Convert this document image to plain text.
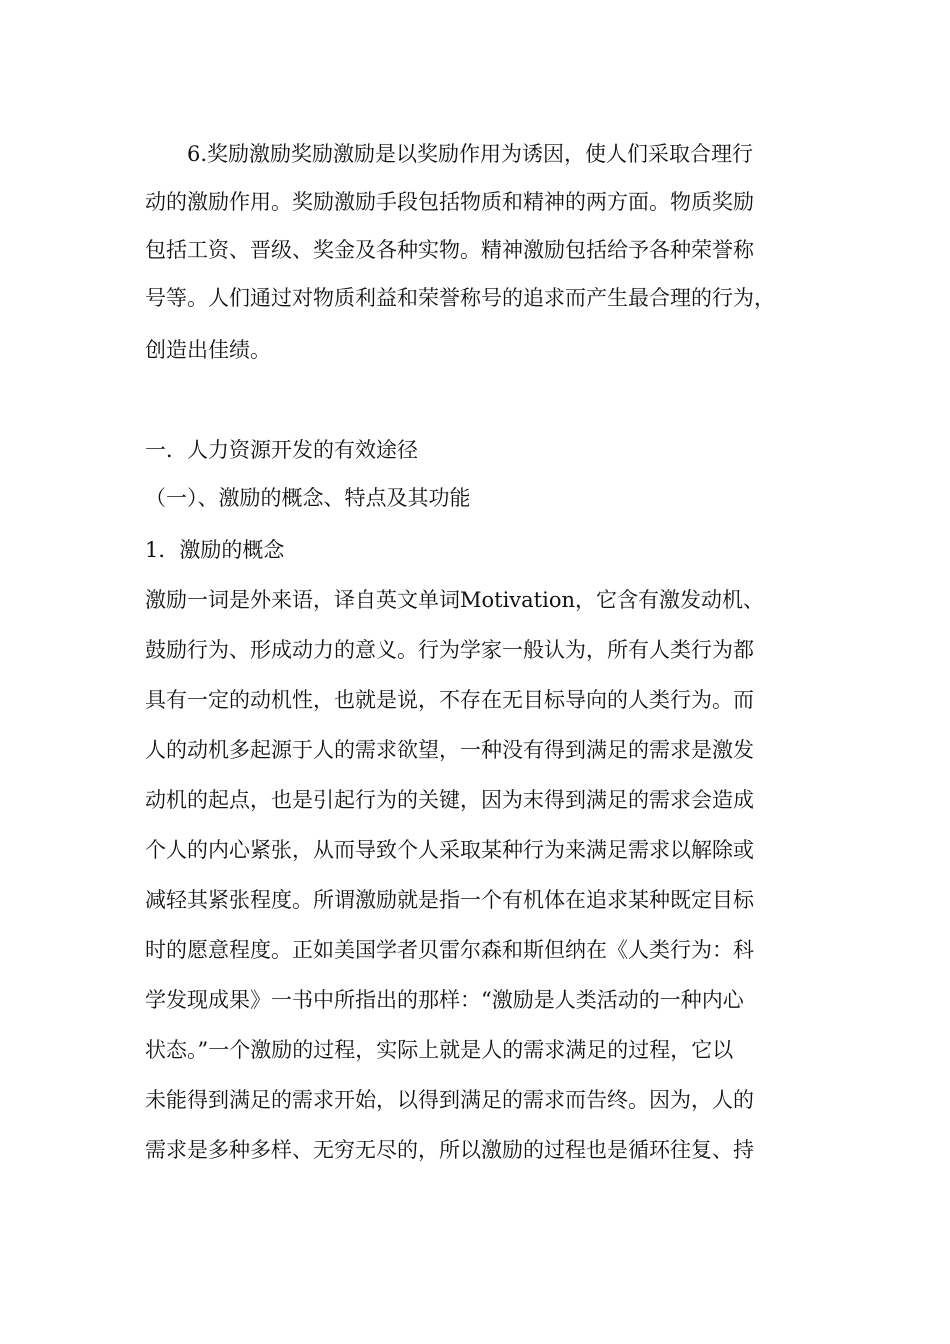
6.奖励激励奖励激励是以奖励作用为诱因，使人们采取合理行
动的激励作用。奖励激励手段包括物质和精神的两方面。物质奖励
包括工资、晋级、奖金及各种实物。精神激励包括给予各种荣誉称
号等。人们通过对物质利益和荣誉称号的追求而产生最合理的行为，
创造出佳绩。
一．人力资源开发的有效途径
（一）、激励的概念、特点及其功能
1．激励的概念
激励一词是外来语，译自英文单词Motivation，它含有激发动机、
鼓励行为、形成动力的意义。行为学家一般认为，所有人类行为都
具有一定的动机性，也就是说，不存在无目标导向的人类行为。而
人的动机多起源于人的需求欲望，一种没有得到满足的需求是激发
动机的起点，也是引起行为的关键，因为末得到满足的需求会造成
个人的内心紧张，从而导致个人采取某种行为来满足需求以解除或
减轻其紧张程度。所谓激励就是指一个有机体在追求某种既定目标
时的愿意程度。正如美国学者贝雷尔森和斯但纳在《人类行为：科
学发现成果》一书中所指出的那样：“激励是人类活动的一种内心
状态。”一个激励的过程，实际上就是人的需求满足的过程，它以
未能得到满足的需求开始，以得到满足的需求而告终。因为，人的
需求是多种多样、无穷无尽的，所以激励的过程也是循环往复、持
